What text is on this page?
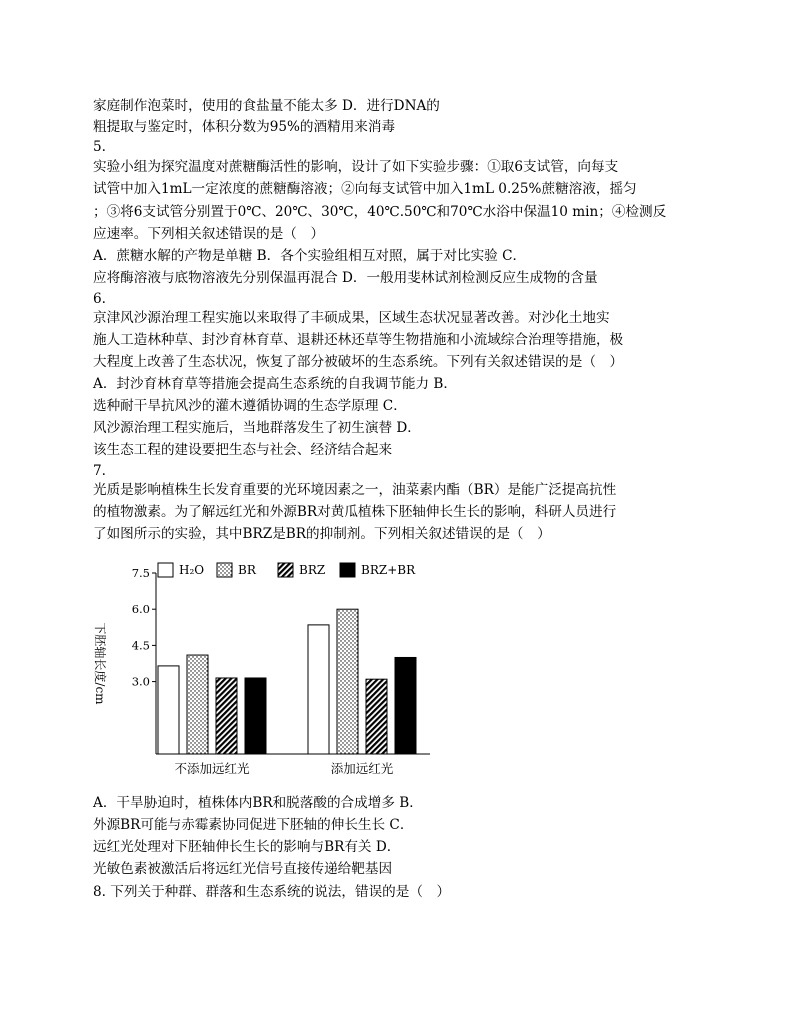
家庭制作泡菜时，使用的食盐量不能太多 D．进行DNA的
粗提取与鉴定时，体积分数为95%的酒精用来消毒
5.
实验小组为探究温度对蔗糖酶活性的影响，设计了如下实验步骤：①取6支试管，向每支
试管中加入1mL一定浓度的蔗糖酶溶液；②向每支试管中加入1mL 0.25%蔗糖溶液，摇匀
；③将6支试管分别置于0℃、20℃、30℃，40℃.50℃和70℃水浴中保温10 min；④检测反
应速率。下列相关叙述错误的是（　）
A．蔗糖水解的产物是单糖 B．各个实验组相互对照，属于对比实验 C．
应将酶溶液与底物溶液先分别保温再混合 D．一般用斐林试剂检测反应生成物的含量
6.
京津风沙源治理工程实施以来取得了丰硕成果，区域生态状况显著改善。对沙化土地实
施人工造林种草、封沙育林育草、退耕还林还草等生物措施和小流域综合治理等措施，极
大程度上改善了生态状况，恢复了部分被破坏的生态系统。下列有关叙述错误的是（　）
A．封沙育林育草等措施会提高生态系统的自我调节能力 B．
选种耐干旱抗风沙的灌木遵循协调的生态学原理 C．
风沙源治理工程实施后，当地群落发生了初生演替 D．
该生态工程的建设要把生态与社会、经济结合起来
7.
光质是影响植株生长发育重要的光环境因素之一，油菜素内酯（BR）是能广泛提高抗性
的植物激素。为了解远红光和外源BR对黄瓜植株下胚轴伸长生长的影响，科研人员进行
了如图所示的实验，其中BRZ是BR的抑制剂。下列相关叙述错误的是（　）
A．干旱胁迫时，植株体内BR和脱落酸的合成增多 B．
外源BR可能与赤霉素协同促进下胚轴的伸长生长 C．
远红光处理对下胚轴伸长生长的影响与BR有关 D．
光敏色素被激活后将远红光信号直接传递给靶基因
8. 下列关于种群、群落和生态系统的说法，错误的是（　）
3.0
4.5
6.0
7.5
下胚轴长度/cm
不添加远红光	添加远红光
H₂O	BR	BRZ	BRZ+BR
